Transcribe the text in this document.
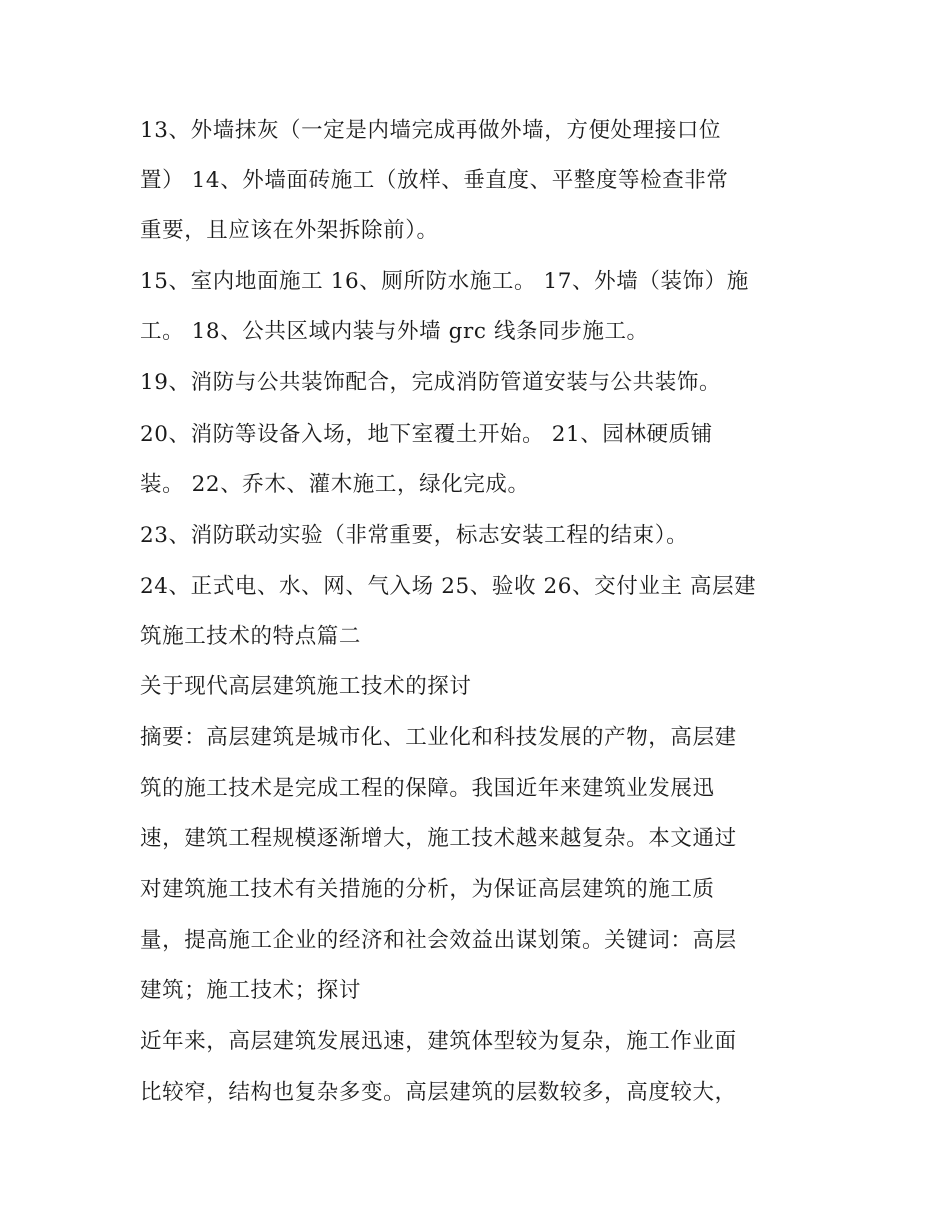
13、外墙抹灰（一定是内墙完成再做外墙，方便处理接口位

置） 14、外墙面砖施工（放样、垂直度、平整度等检查非常

重要，且应该在外架拆除前）。

15、室内地面施工 16、厕所防水施工。 17、外墙（装饰）施

工。 18、公共区域内装与外墙 grc 线条同步施工。

19、消防与公共装饰配合，完成消防管道安装与公共装饰。

20、消防等设备入场，地下室覆土开始。 21、园林硬质铺

装。 22、乔木、灌木施工，绿化完成。

23、消防联动实验（非常重要，标志安装工程的结束）。

24、正式电、水、网、气入场 25、验收 26、交付业主 高层建

筑施工技术的特点篇二

关于现代高层建筑施工技术的探讨

摘要：高层建筑是城市化、工业化和科技发展的产物，高层建

筑的施工技术是完成工程的保障。我国近年来建筑业发展迅

速，建筑工程规模逐渐增大，施工技术越来越复杂。本文通过

对建筑施工技术有关措施的分析，为保证高层建筑的施工质

量，提高施工企业的经济和社会效益出谋划策。关键词：高层

建筑；施工技术；探讨

近年来，高层建筑发展迅速，建筑体型较为复杂，施工作业面

比较窄，结构也复杂多变。高层建筑的层数较多，高度较大，
